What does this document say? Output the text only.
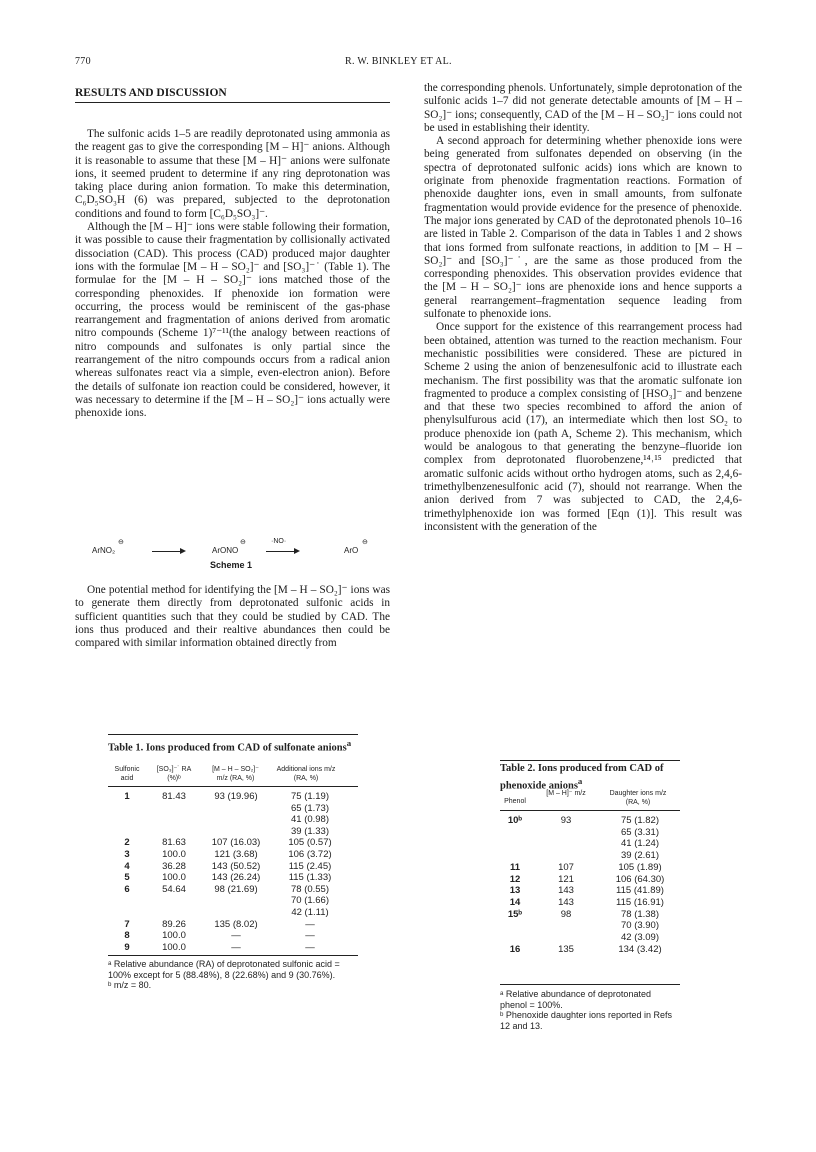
770	R. W. BINKLEY ET AL.
RESULTS AND DISCUSSION

The sulfonic acids 1–5 are readily deprotonated using ammonia as the reagent gas to give the corresponding [M – H]⁻ anions. Although it is reasonable to assume that these [M – H]⁻ anions were sulfonate ions, it seemed prudent to determine if any ring deprotonation was taking place during anion formation. To make this determination, C₆D₅SO₃H (6) was prepared, subjected to the deprotonation conditions and found to form [C₆D₅SO₃]⁻.

Although the [M – H]⁻ ions were stable following their formation, it was possible to cause their fragmentation by collisionally activated dissociation (CAD). This process (CAD) produced major daughter ions with the formulae [M – H – SO₂]⁻ and [SO₃]⁻˙ (Table 1). The formulae for the [M – H – SO₂]⁻ ions matched those of the corresponding phenoxides. If phenoxide ion formation were occurring, the process would be reminiscent of the gas-phase rearrangement and fragmentation of anions derived from aromatic nitro compounds (Scheme 1)⁷⁻¹¹(the analogy between reactions of nitro compounds and sulfonates is only partial since the rearrangement of the nitro compounds occurs from a radical anion whereas sulfonates react via a simple, even-electron anion). Before the details of sulfonate ion reaction could be considered, however, it was necessary to determine if the [M – H – SO₂]⁻ ions actually were phenoxide ions.

ArNO₂
⊖
ArONO
⊖	·NO·
ArO
⊖
Scheme 1

One potential method for identifying the [M – H – SO₂]⁻ ions was to generate them directly from deprotonated sulfonic acids in sufficient quantities such that they could be studied by CAD. The ions thus produced and their realtive abundances then could be compared with similar information obtained directly from

the corresponding phenols. Unfortunately, simple deprotonation of the sulfonic acids 1–7 did not generate detectable amounts of [M – H – SO₂]⁻ ions; consequently, CAD of the [M – H – SO₂]⁻ ions could not be used in establishing their identity.

A second approach for determining whether phenoxide ions were being generated from sulfonates depended on observing (in the spectra of deprotonated sulfonic acids) ions which are known to originate from phenoxide fragmentation reactions. Formation of phenoxide daughter ions, even in small amounts, from sulfonate fragmentation would provide evidence for the presence of phenoxide. The major ions generated by CAD of the deprotonated phenols 10–16 are listed in Table 2. Comparison of the data in Tables 1 and 2 shows that ions formed from sulfonate reactions, in addition to [M – H – SO₂]⁻ and [SO₃]⁻˙, are the same as those produced from the corresponding phenoxides. This observation provides evidence that the [M – H – SO₂]⁻ ions are phenoxide ions and hence supports a general rearrangement–fragmentation sequence leading from sulfonate to phenoxide ions.

Once support for the existence of this rearrangement process had been obtained, attention was turned to the reaction mechanism. Four mechanistic possibilities were considered. These are pictured in Scheme 2 using the anion of benzenesulfonic acid to illustrate each mechanism. The first possibility was that the aromatic sulfonate ion fragmented to produce a complex consisting of [HSO₃]⁻ and benzene and that these two species recombined to afford the anion of phenylsulfurous acid (17), an intermediate which then lost SO₂ to produce phenoxide ion (path A, Scheme 2). This mechanism, which would be analogous to that generating the benzyne–fluoride ion complex from deprotonated fluorobenzene,¹⁴˒¹⁵ predicted that aromatic sulfonic acids without ortho hydrogen atoms, such as 2,4,6-trimethylbenzenesulfonic acid (7), should not rearrange. When the anion derived from 7 was subjected to CAD, the 2,4,6-trimethylphenoxide ion was formed [Eqn (1)]. This result was inconsistent with the generation of the

Table 1. Ions produced from CAD of sulfonate anions$^a$
Sulfonic acid
[SO₃]⁻˙ RA (%)ᵇ
[M – H – SO₂]⁻ m/z (RA, %)
Additional ions m/z (RA, %)
1	81.43	93 (19.96)	75 (1.19)
65 (1.73)
41 (0.98)
39 (1.33)
2	81.63	107 (16.03)	105 (0.57)
3	100.0	121 (3.68)	106 (3.72)
4	36.28	143 (50.52)	115 (2.45)
5	100.0	143 (26.24)	115 (1.33)
6	54.64	98 (21.69)	78 (0.55)
70 (1.66)
42 (1.11)
7	89.26	135 (8.02)	—
8	100.0	—	—
9	100.0	—	—
ᵃ Relative abundance (RA) of deprotonated sulfonic acid = 100% except for 5 (88.48%), 8 (22.68%) and 9 (30.76%).
ᵇ m/z = 80.
Table 2. Ions produced from CAD of phenoxide anions$^a$
Phenol
[M – H]⁻ m/z	Daughter ions m/z (RA, %)
10ᵇ	93	75 (1.82)
65 (3.31)
41 (1.24)
39 (2.61)
11	107	105 (1.89)
12	121	106 (64.30)
13	143	115 (41.89)
14	143	115 (16.91)
15ᵇ	98	78 (1.38)
70 (3.90)
42 (3.09)
16	135	134 (3.42)
ᵃ Relative abundance of deprotonated phenol = 100%.
ᵇ Phenoxide daughter ions reported in Refs 12 and 13.
